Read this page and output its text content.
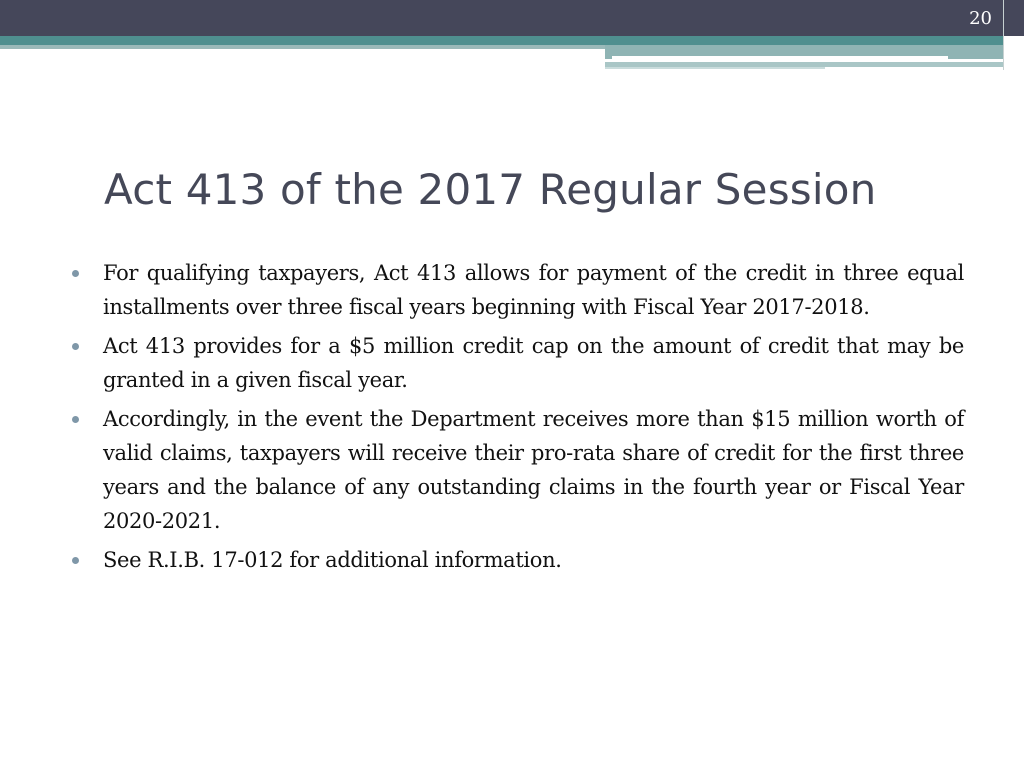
20
Act 413 of the 2017 Regular Session
For qualifying taxpayers, Act 413 allows for payment of the credit in three equal installments over three fiscal years beginning with Fiscal Year 2017-2018.
Act 413 provides for a $5 million credit cap on the amount of credit that may be granted in a given fiscal year.
Accordingly, in the event the Department receives more than $15 million worth of valid claims, taxpayers will receive their pro-rata share of credit for the first three years and the balance of any outstanding claims in the fourth year or Fiscal Year 2020-2021.
See R.I.B. 17-012 for additional information.
